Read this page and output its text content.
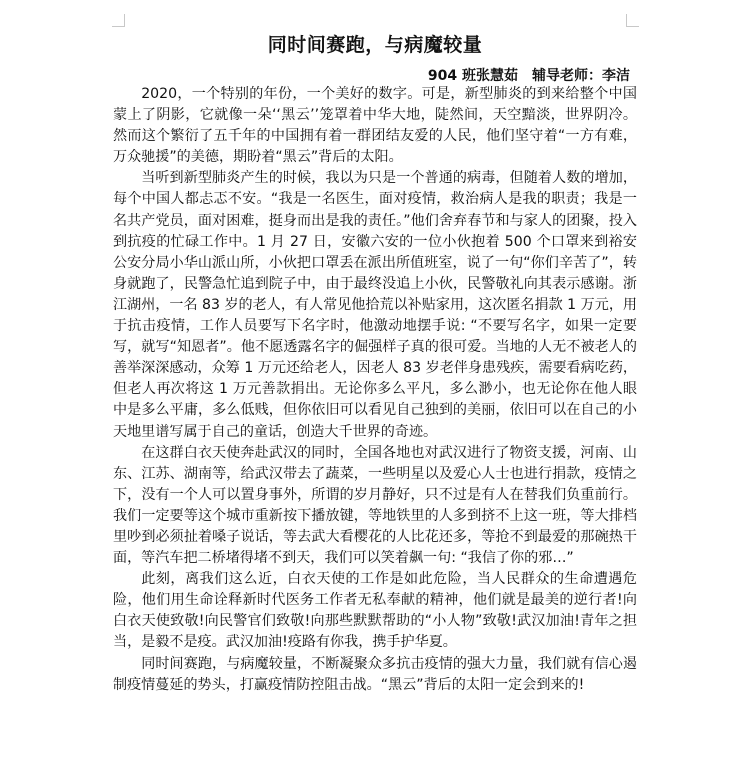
同时间赛跑，与病魔较量
904 班张慧茹 辅导老师：李洁

2020，一个特别的年份，一个美好的数字。可是，新型肺炎的到来给整个中国蒙上了阴影，它就像一朵‘‘黑云’’笼罩着中华大地，陡然间，天空黯淡，世界阴冷。然而这个繁衍了五千年的中国拥有着一群团结友爱的人民，他们坚守着“一方有难，万众驰援”的美德，期盼着“黑云”背后的太阳。

当听到新型肺炎产生的时候，我以为只是一个普通的病毒，但随着人数的增加，每个中国人都忐忑不安。“我是一名医生，面对疫情，救治病人是我的职责；我是一名共产党员，面对困难，挺身而出是我的责任。”他们舍弃春节和与家人的团聚，投入到抗疫的忙碌工作中。1 月 27 日，安徽六安的一位小伙抱着 500 个口罩来到裕安公安分局小华山派山所，小伙把口罩丢在派出所值班室，说了一句“你们辛苦了”，转身就跑了，民警急忙追到院子中，由于最终没追上小伙，民警敬礼向其表示感谢。浙江湖州，一名 83 岁的老人，有人常见他拾荒以补贴家用，这次匿名捐款 1 万元，用于抗击疫情，工作人员要写下名字时，他激动地摆手说: “不要写名字，如果一定要写，就写“知恩者”。他不愿透露名字的倔强样子真的很可爱。当地的人无不被老人的善举深深感动，众筹 1 万元还给老人，因老人 83 岁老伴身患残疾，需要看病吃药，但老人再次将这 1 万元善款捐出。无论你多么平凡，多么渺小，也无论你在他人眼中是多么平庸，多么低贱，但你依旧可以看见自己独到的美丽，依旧可以在自己的小天地里谱写属于自己的童话，创造大千世界的奇迹。

在这群白衣天使奔赴武汉的同时，全国各地也对武汉进行了物资支援，河南、山东、江苏、湖南等，给武汉带去了蔬菜，一些明星以及爱心人士也进行捐款，疫情之下，没有一个人可以置身事外，所谓的岁月静好，只不过是有人在替我们负重前行。我们一定要等这个城市重新按下播放键，等地铁里的人多到挤不上这一班，等大排档里吵到必须扯着嗓子说话，等去武大看樱花的人比花还多，等抢不到最爱的那碗热干面，等汽车把二桥堵得堵不到天，我们可以笑着飙一句: “我信了你的邪…”

此刻，离我们这么近，白衣天使的工作是如此危险，当人民群众的生命遭遇危险，他们用生命诠释新时代医务工作者无私奉献的精神，他们就是最美的逆行者!向白衣天使致敬!向民警官们致敬!向那些默默帮助的“小人物”致敬!武汉加油!青年之担当，是毅不是疫。武汉加油!疫路有你我，携手护华夏。

同时间赛跑，与病魔较量，不断凝聚众多抗击疫情的强大力量，我们就有信心遏制疫情蔓延的势头，打赢疫情防控阻击战。“黑云”背后的太阳一定会到来的!
